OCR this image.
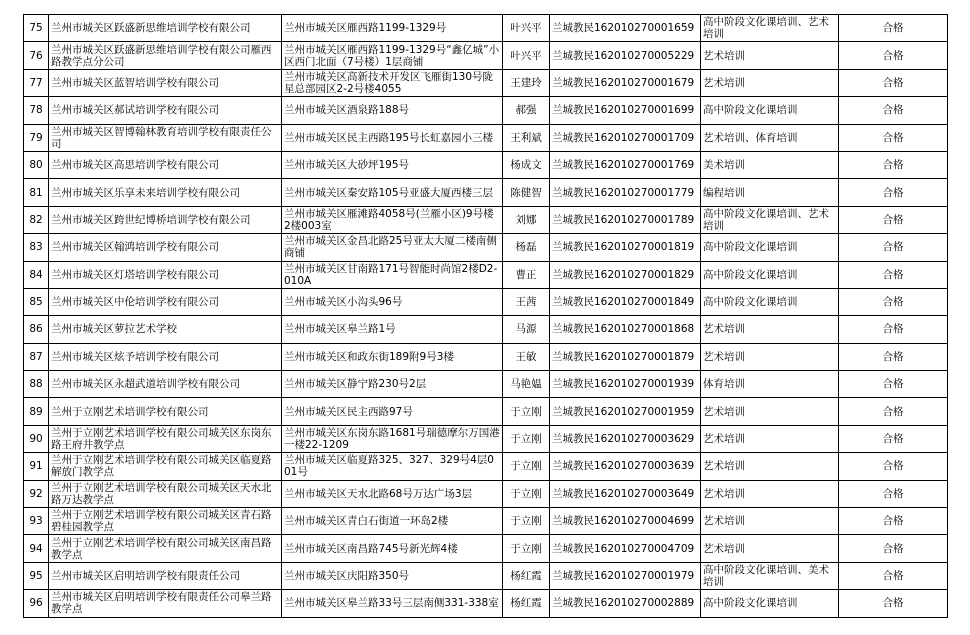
75	兰州市城关区跃盛新思维培训学校有限公司	兰州市城关区雁西路1199-1329号	叶兴平	兰城教民162010270001659	高中阶段文化课培训、艺术培训	合格
76	兰州市城关区跃盛新思维培训学校有限公司雁西路教学点分公司	兰州市城关区雁西路1199-1329号“鑫亿城”小区西门北面（7号楼）1层商铺	叶兴平	兰城教民162010270005229	艺术培训	合格
77	兰州市城关区蓝智培训学校有限公司	兰州市城关区高新技术开发区飞雁街130号陇星总部园区2-2号楼4055	王建玲	兰城教民162010270001679	艺术培训	合格
78	兰州市城关区郝试培训学校有限公司	兰州市城关区酒泉路188号	郝强	兰城教民162010270001699	高中阶段文化课培训	合格
79	兰州市城关区智博翰林教育培训学校有限责任公司	兰州市城关区民主西路195号长虹嘉园小三楼	王利斌	兰城教民162010270001709	艺术培训、体育培训	合格
80	兰州市城关区高思培训学校有限公司	兰州市城关区大砂坪195号	杨成文	兰城教民162010270001769	美术培训	合格
81	兰州市城关区乐享未来培训学校有限公司	兰州市城关区秦安路105号亚盛大厦西楼三层	陈健智	兰城教民162010270001779	编程培训	合格
82	兰州市城关区跨世纪博桥培训学校有限公司	兰州市城关区雁滩路4058号(兰雁小区)9号楼2楼003室	刘娜	兰城教民162010270001789	高中阶段文化课培训、艺术培训	合格
83	兰州市城关区翰鸿培训学校有限公司	兰州市城关区金昌北路25号亚太大厦二楼南侧商铺	杨磊	兰城教民162010270001819	高中阶段文化课培训	合格
84	兰州市城关区灯塔培训学校有限公司	兰州市城关区甘南路171号智能时尚馆2楼D2-010A	曹正	兰城教民162010270001829	高中阶段文化课培训	合格
85	兰州市城关区中伦培训学校有限公司	兰州市城关区小沟头96号	王茜	兰城教民162010270001849	高中阶段文化课培训	合格
86	兰州市城关区萝拉艺术学校	兰州市城关区皋兰路1号	马源	兰城教民162010270001868	艺术培训	合格
87	兰州市城关区炫予培训学校有限公司	兰州市城关区和政东街189附9号3楼	王敏	兰城教民162010270001879	艺术培训	合格
88	兰州市城关区永超武道培训学校有限公司	兰州市城关区静宁路230号2层	马艳媪	兰城教民162010270001939	体育培训	合格
89	兰州于立刚艺术培训学校有限公司	兰州市城关区民主西路97号	于立刚	兰城教民162010270001959	艺术培训	合格
90	兰州于立刚艺术培训学校有限公司城关区东岗东路王府井教学点	兰州市城关区东岗东路1681号瑞德摩尔万国港一楼22-1209	于立刚	兰城教民162010270003629	艺术培训	合格
91	兰州于立刚艺术培训学校有限公司城关区临夏路解放门教学点	兰州市城关区临夏路325、327、329号4层001号	于立刚	兰城教民162010270003639	艺术培训	合格
92	兰州于立刚艺术培训学校有限公司城关区天水北路万达教学点	兰州市城关区天水北路68号万达广场3层	于立刚	兰城教民162010270003649	艺术培训	合格
93	兰州于立刚艺术培训学校有限公司城关区青石路碧桂园教学点	兰州市城关区青白石街道一环岛2楼	于立刚	兰城教民162010270004699	艺术培训	合格
94	兰州于立刚艺术培训学校有限公司城关区南昌路教学点	兰州市城关区南昌路745号新光辉4楼	于立刚	兰城教民162010270004709	艺术培训	合格
95	兰州市城关区启明培训学校有限责任公司	兰州市城关区庆阳路350号	杨红霞	兰城教民162010270001979	高中阶段文化课培训、美术培训	合格
96	兰州市城关区启明培训学校有限责任公司皋兰路教学点	兰州市城关区皋兰路33号三层南侧331-338室	杨红霞	兰城教民162010270002889	高中阶段文化课培训	合格
